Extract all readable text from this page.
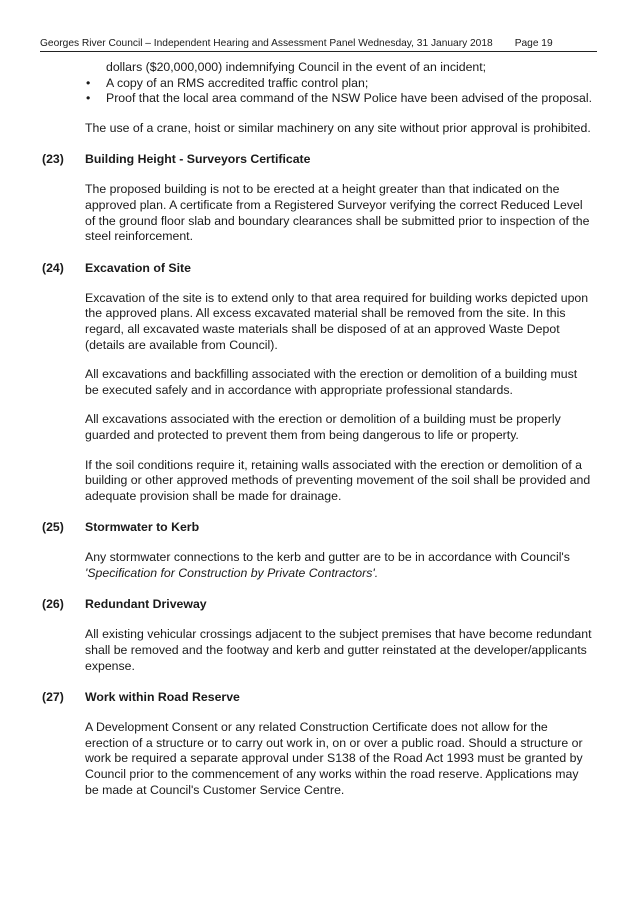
Georges River Council – Independent Hearing and Assessment Panel Wednesday, 31 January 2018 Page 19
dollars ($20,000,000) indemnifying Council in the event of an incident;
• A copy of an RMS accredited traffic control plan;
• Proof that the local area command of the NSW Police have been advised of the proposal.

The use of a crane, hoist or similar machinery on any site without prior approval is prohibited.

(23) Building Height - Surveyors Certificate

The proposed building is not to be erected at a height greater than that indicated on the approved plan. A certificate from a Registered Surveyor verifying the correct Reduced Level of the ground floor slab and boundary clearances shall be submitted prior to inspection of the steel reinforcement.

(24) Excavation of Site

Excavation of the site is to extend only to that area required for building works depicted upon the approved plans. All excess excavated material shall be removed from the site. In this regard, all excavated waste materials shall be disposed of at an approved Waste Depot (details are available from Council).

All excavations and backfilling associated with the erection or demolition of a building must be executed safely and in accordance with appropriate professional standards.

All excavations associated with the erection or demolition of a building must be properly guarded and protected to prevent them from being dangerous to life or property.

If the soil conditions require it, retaining walls associated with the erection or demolition of a building or other approved methods of preventing movement of the soil shall be provided and adequate provision shall be made for drainage.

(25) Stormwater to Kerb

Any stormwater connections to the kerb and gutter are to be in accordance with Council's 'Specification for Construction by Private Contractors'.

(26) Redundant Driveway

All existing vehicular crossings adjacent to the subject premises that have become redundant shall be removed and the footway and kerb and gutter reinstated at the developer/applicants expense.

(27) Work within Road Reserve

A Development Consent or any related Construction Certificate does not allow for the erection of a structure or to carry out work in, on or over a public road. Should a structure or work be required a separate approval under S138 of the Road Act 1993 must be granted by Council prior to the commencement of any works within the road reserve. Applications may be made at Council's Customer Service Centre.
